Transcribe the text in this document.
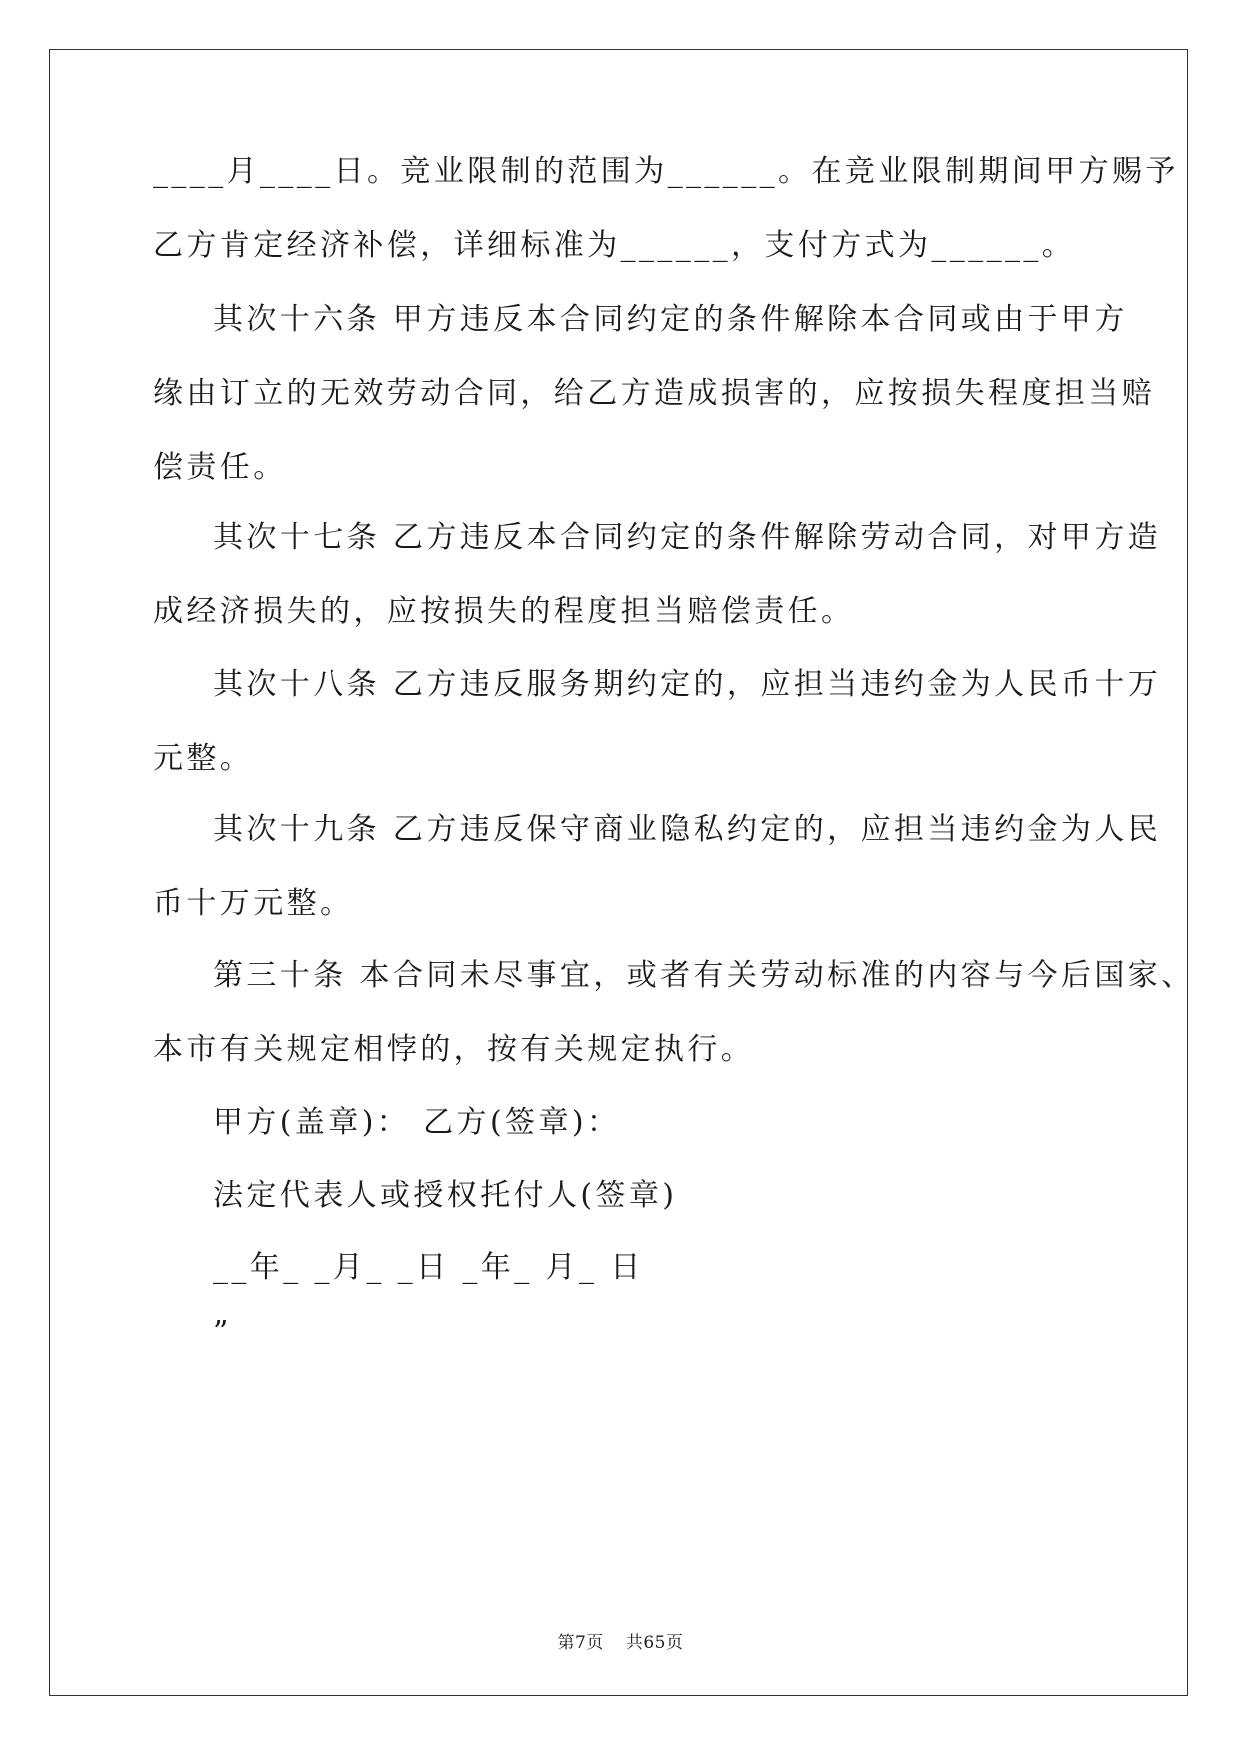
____月____日。竞业限制的范围为______。在竞业限制期间甲方赐予
乙方肯定经济补偿，详细标准为______，支付方式为______。
其次十六条 甲方违反本合同约定的条件解除本合同或由于甲方
缘由订立的无效劳动合同，给乙方造成损害的，应按损失程度担当赔
偿责任。
其次十七条 乙方违反本合同约定的条件解除劳动合同，对甲方造
成经济损失的，应按损失的程度担当赔偿责任。
其次十八条 乙方违反服务期约定的，应担当违约金为人民币十万
元整。
其次十九条 乙方违反保守商业隐私约定的，应担当违约金为人民
币十万元整。
第三十条 本合同未尽事宜，或者有关劳动标准的内容与今后国家、
本市有关规定相悖的，按有关规定执行。
甲方(盖章)： 乙方(签章)：
法定代表人或授权托付人(签章)
__年_ _月_ _日 _年_ 月_ 日
”
第7页 共65页
